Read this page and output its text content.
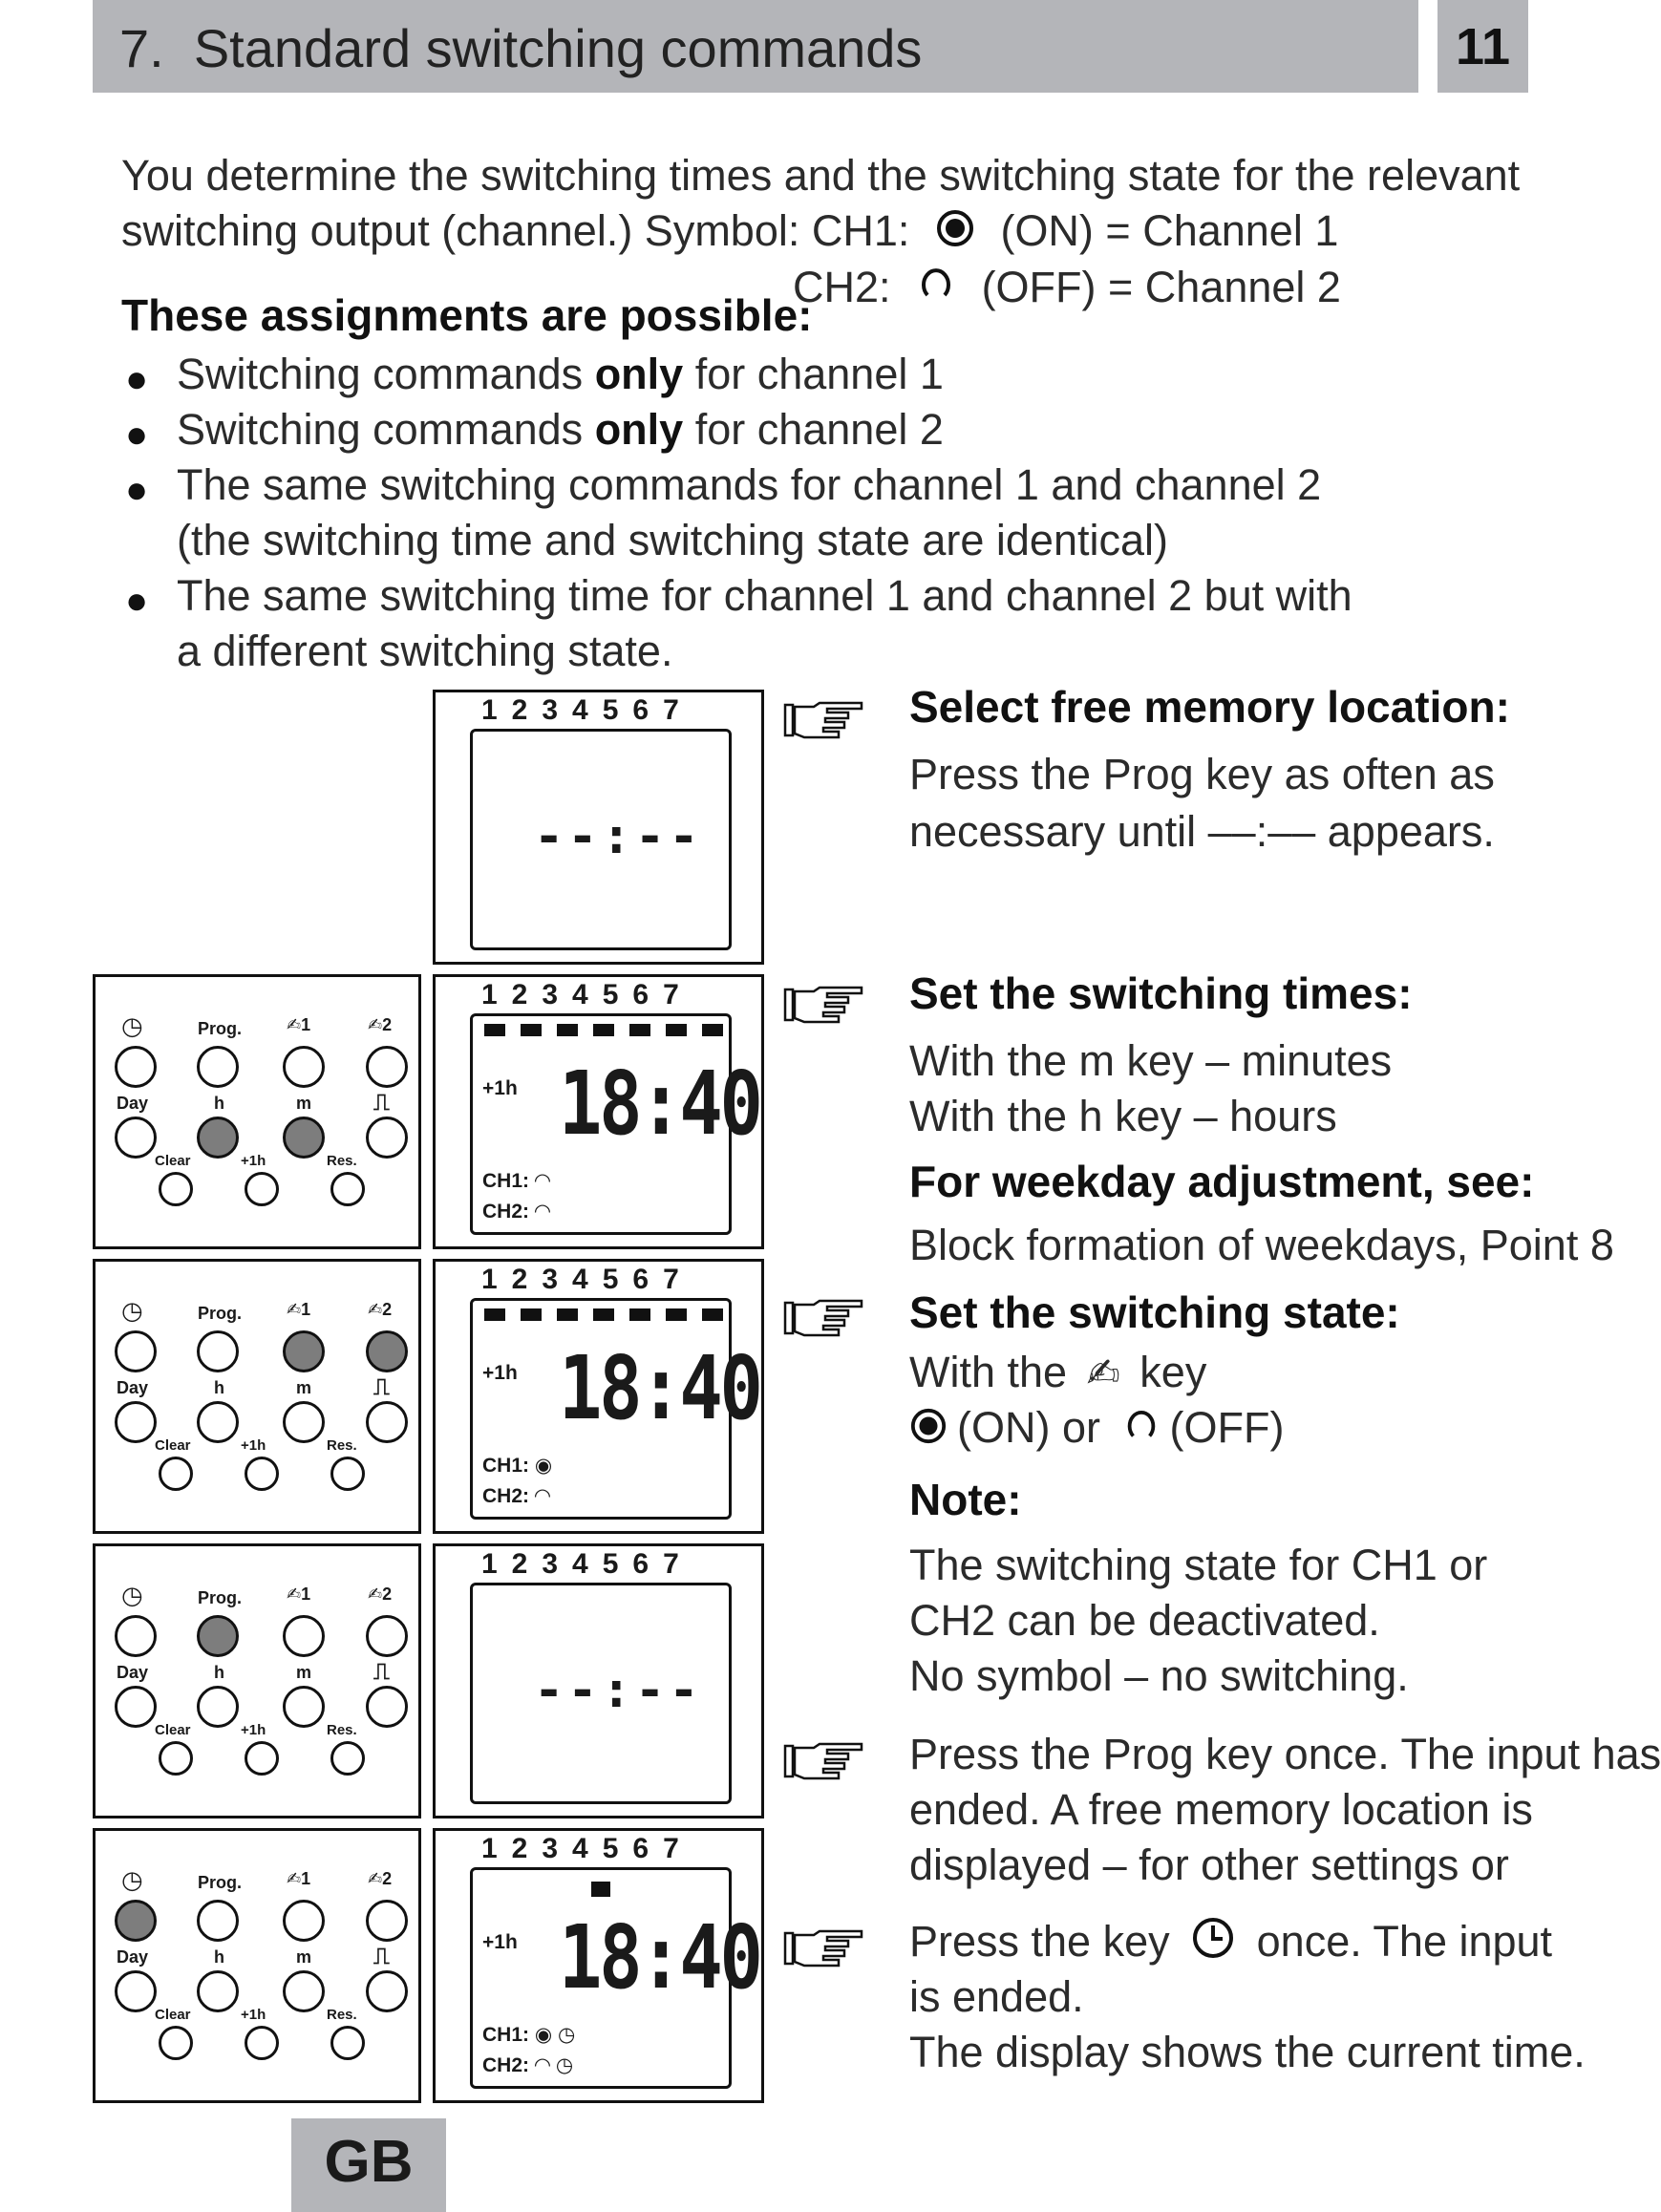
7. Standard switching commands	11
You determine the switching times and the switching state for the relevant
switching output (channel.) Symbol: CH1: (ON) = Channel 1
CH2: (OFF) = Channel 2
These assignments are possible:
● Switching commands only for channel 1
● Switching commands only for channel 2
● The same switching commands for channel 1 and channel 2
(the switching time and switching state are identical)
● The same switching time for channel 1 and channel 2 but with
a different switching state.
1234567
--:--
◷	Prog.	✍1	✍2
Day	h	m	⎍
Clear	+1h	Res.
1234567
+1h 18:40
CH1: ◠
CH2: ◠
◷	Prog.	✍1	✍2
Day	h	m	⎍
Clear	+1h	Res.
1234567
+1h 18:40
CH1: ◉
CH2: ◠
◷	Prog.	✍1	✍2
Day	h	m	⎍
Clear	+1h	Res.
1234567
--:--
◷	Prog.	✍1	✍2
Day	h	m	⎍
Clear	+1h	Res.
1234567
+1h 18:40
CH1: ◉ ◷
CH2: ◠ ◷
Select free memory location:
Press the Prog key as often as
necessary until ––:–– appears.
Set the switching times:
With the m key – minutes
With the h key – hours
For weekday adjustment, see:
Block formation of weekdays, Point 8
Set the switching state:
With the ✍ key
(ON) or (OFF)
Note:
The switching state for CH1 or
CH2 can be deactivated.
No symbol – no switching.
Press the Prog key once. The input has
ended. A free memory location is
displayed – for other settings or
Press the key once. The input
is ended.
The display shows the current time.
GB
